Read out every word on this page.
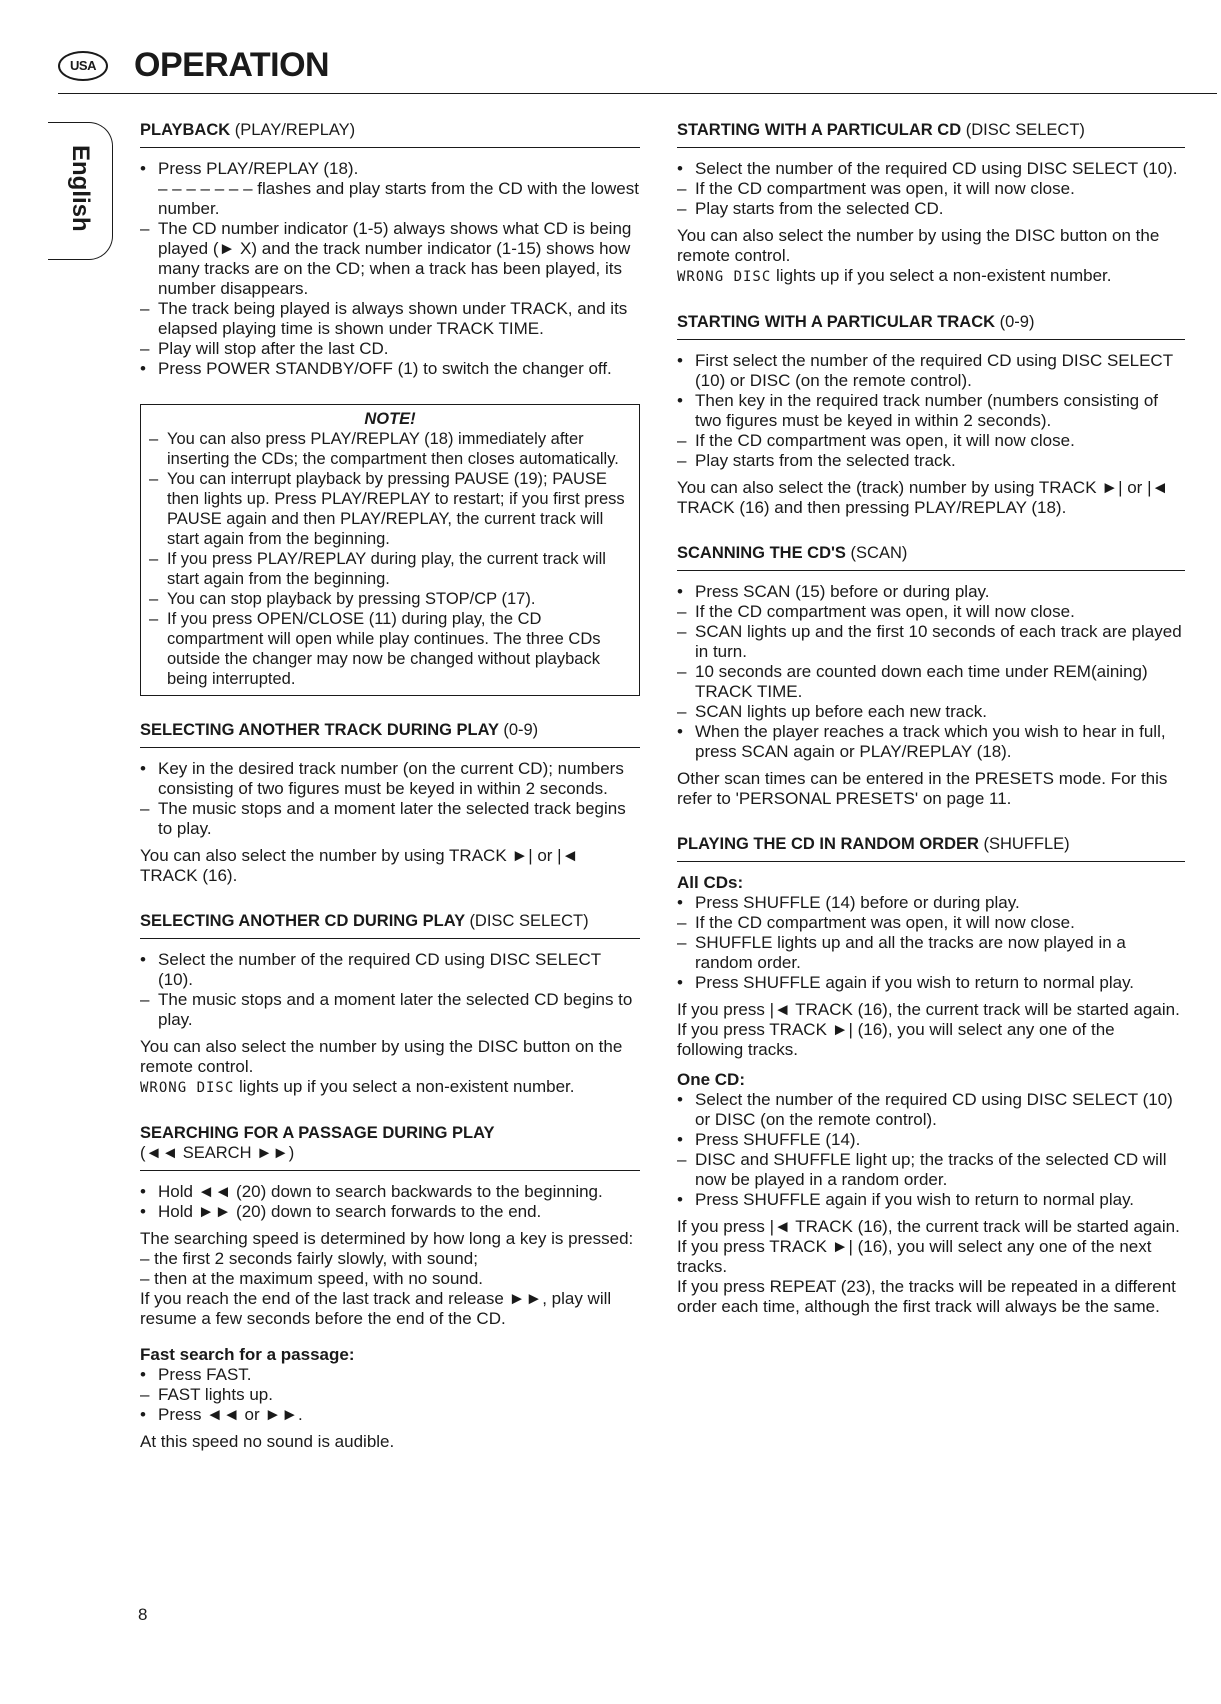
USA	OPERATION
English
PLAYBACK (PLAY/REPLAY)
• Press PLAY/REPLAY (18).
– – – – – – – flashes and play starts from the CD with the lowest number.
– The CD number indicator (1-5) always shows what CD is being played (► X) and the track number indicator (1-15) shows how many tracks are on the CD; when a track has been played, its number disappears.
– The track being played is always shown under TRACK, and its elapsed playing time is shown under TRACK TIME.
– Play will stop after the last CD.
• Press POWER STANDBY/OFF (1) to switch the changer off.
NOTE!
– You can also press PLAY/REPLAY (18) immediately after inserting the CDs; the compartment then closes automatically.
– You can interrupt playback by pressing PAUSE (19); PAUSE then lights up. Press PLAY/REPLAY to restart; if you first press PAUSE again and then PLAY/REPLAY, the current track will start again from the beginning.
– If you press PLAY/REPLAY during play, the current track will start again from the beginning.
– You can stop playback by pressing STOP/CP (17).
– If you press OPEN/CLOSE (11) during play, the CD compartment will open while play continues. The three CDs outside the changer may now be changed without playback being interrupted.
SELECTING ANOTHER TRACK DURING PLAY (0-9)
• Key in the desired track number (on the current CD); numbers consisting of two figures must be keyed in within 2 seconds.
– The music stops and a moment later the selected track begins to play.
You can also select the number by using TRACK ►| or |◄ TRACK (16).
SELECTING ANOTHER CD DURING PLAY (DISC SELECT)
• Select the number of the required CD using DISC SELECT (10).
– The music stops and a moment later the selected CD begins to play.
You can also select the number by using the DISC button on the remote control.
WRONG DISC lights up if you select a non-existent number.
SEARCHING FOR A PASSAGE DURING PLAY
(◄◄ SEARCH ►►)
• Hold ◄◄ (20) down to search backwards to the beginning.
• Hold ►► (20) down to search forwards to the end.
The searching speed is determined by how long a key is pressed:
– the first 2 seconds fairly slowly, with sound;
– then at the maximum speed, with no sound.
If you reach the end of the last track and release ►►, play will resume a few seconds before the end of the CD.
Fast search for a passage:
• Press FAST.
– FAST lights up.
• Press ◄◄ or ►►.
At this speed no sound is audible.
STARTING WITH A PARTICULAR CD (DISC SELECT)
• Select the number of the required CD using DISC SELECT (10).
– If the CD compartment was open, it will now close.
– Play starts from the selected CD.
You can also select the number by using the DISC button on the remote control.
WRONG DISC lights up if you select a non-existent number.
STARTING WITH A PARTICULAR TRACK (0-9)
• First select the number of the required CD using DISC SELECT (10) or DISC (on the remote control).
• Then key in the required track number (numbers consisting of two figures must be keyed in within 2 seconds).
– If the CD compartment was open, it will now close.
– Play starts from the selected track.
You can also select the (track) number by using TRACK ►| or |◄ TRACK (16) and then pressing PLAY/REPLAY (18).
SCANNING THE CD'S (SCAN)
• Press SCAN (15) before or during play.
– If the CD compartment was open, it will now close.
– SCAN lights up and the first 10 seconds of each track are played in turn.
– 10 seconds are counted down each time under REM(aining) TRACK TIME.
– SCAN lights up before each new track.
• When the player reaches a track which you wish to hear in full, press SCAN again or PLAY/REPLAY (18).
Other scan times can be entered in the PRESETS mode. For this refer to 'PERSONAL PRESETS' on page 11.
PLAYING THE CD IN RANDOM ORDER (SHUFFLE)
All CDs:
• Press SHUFFLE (14) before or during play.
– If the CD compartment was open, it will now close.
– SHUFFLE lights up and all the tracks are now played in a random order.
• Press SHUFFLE again if you wish to return to normal play.
If you press |◄ TRACK (16), the current track will be started again.
If you press TRACK ►| (16), you will select any one of the following tracks.
One CD:
• Select the number of the required CD using DISC SELECT (10) or DISC (on the remote control).
• Press SHUFFLE (14).
– DISC and SHUFFLE light up; the tracks of the selected CD will now be played in a random order.
• Press SHUFFLE again if you wish to return to normal play.
If you press |◄ TRACK (16), the current track will be started again.
If you press TRACK ►| (16), you will select any one of the next tracks.
If you press REPEAT (23), the tracks will be repeated in a different order each time, although the first track will always be the same.
8
